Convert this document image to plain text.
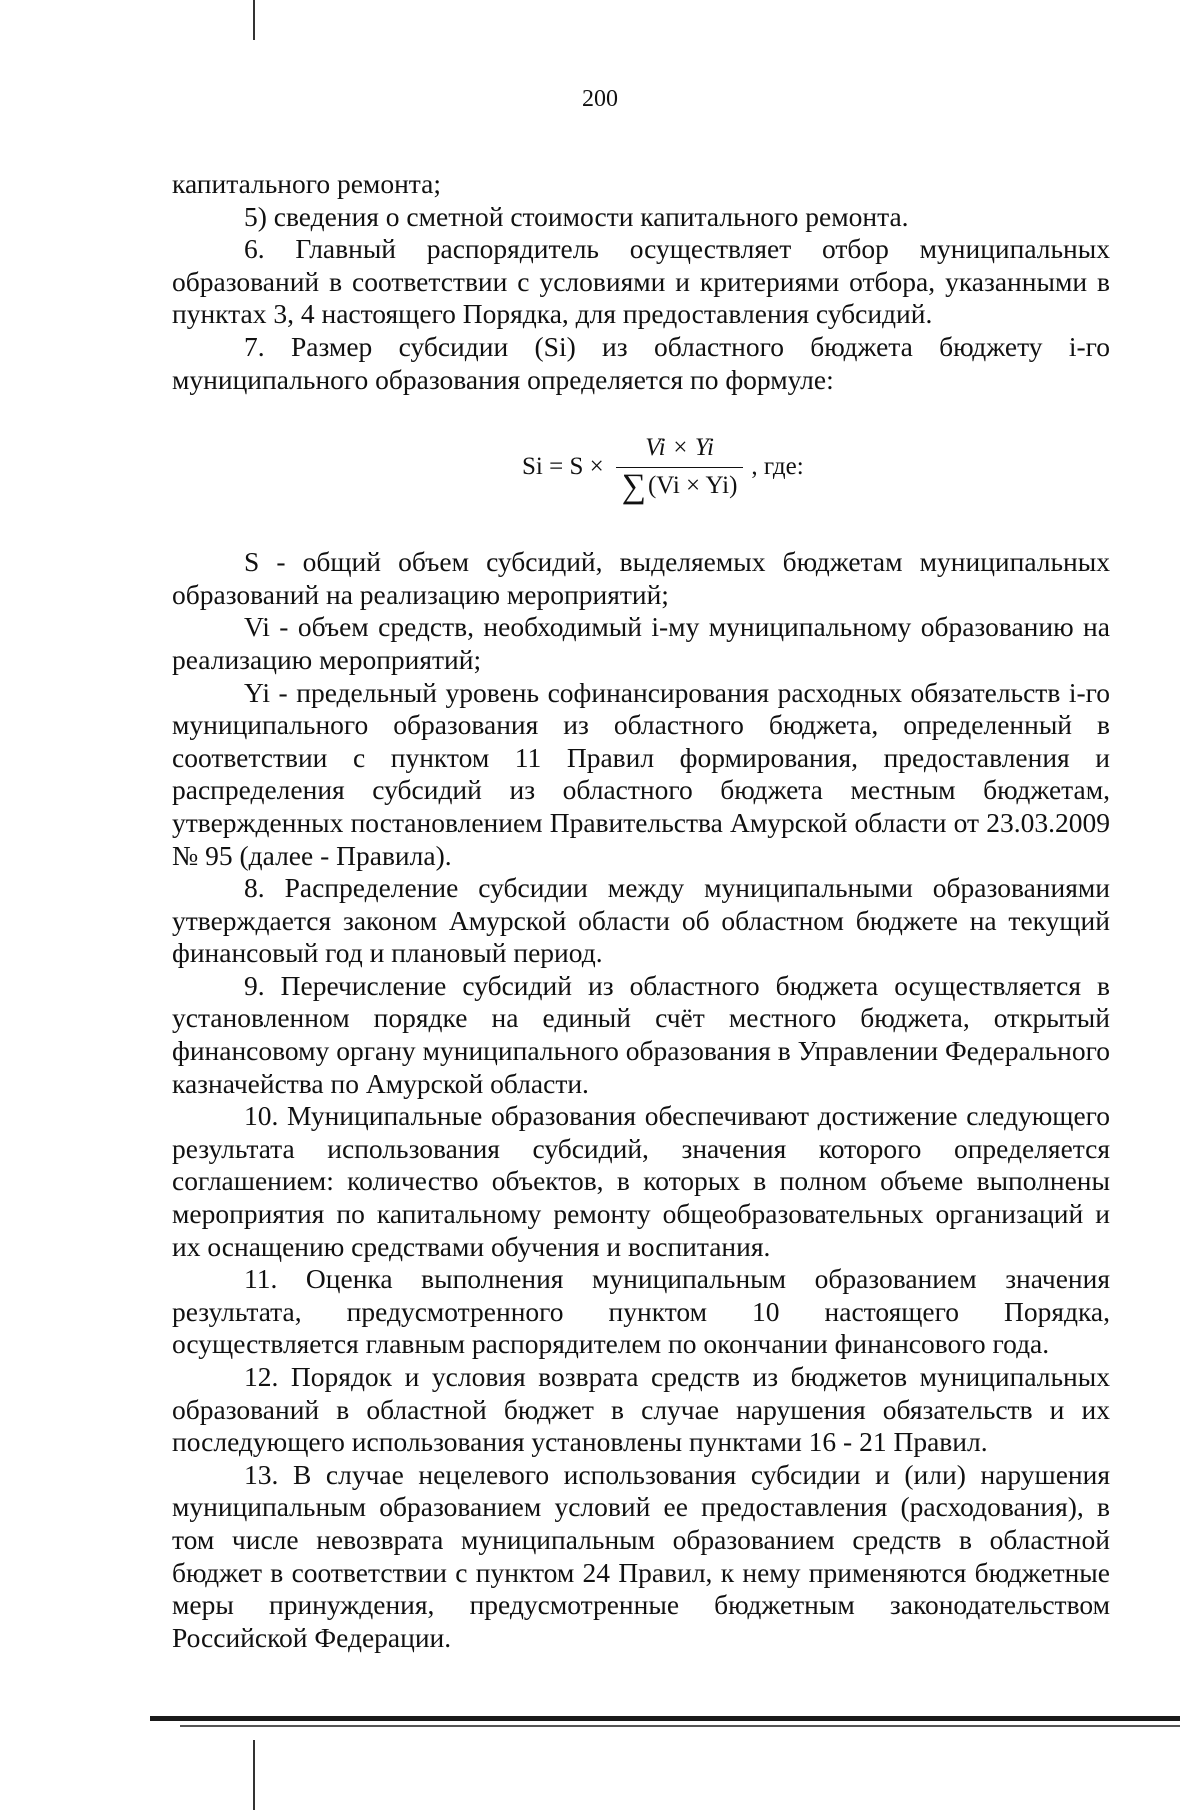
200

капитального ремонта;

5) сведения о сметной стоимости капитального ремонта.

6. Главный распорядитель осуществляет отбор муниципальных образований в соответствии с условиями и критериями отбора, указанными в пунктах 3, 4 настоящего Порядка, для предоставления субсидий.

7. Размер субсидии (Si) из областного бюджета бюджету i-го муниципального образования определяется по формуле:

$Si = S \times \frac{Vi \times Yi}{\sum(Vi \times Yi)}$ , где:

S - общий объем субсидий, выделяемых бюджетам муниципальных образований на реализацию мероприятий;

Vi - объем средств, необходимый i-му муниципальному образованию на реализацию мероприятий;

Yi - предельный уровень софинансирования расходных обязательств i-го муниципального образования из областного бюджета, определенный в соответствии с пунктом 11 Правил формирования, предоставления и распределения субсидий из областного бюджета местным бюджетам, утвержденных постановлением Правительства Амурской области от 23.03.2009 № 95 (далее - Правила).

8. Распределение субсидии между муниципальными образованиями утверждается законом Амурской области об областном бюджете на текущий финансовый год и плановый период.

9. Перечисление субсидий из областного бюджета осуществляется в установленном порядке на единый счёт местного бюджета, открытый финансовому органу муниципального образования в Управлении Федерального казначейства по Амурской области.

10. Муниципальные образования обеспечивают достижение следующего результата использования субсидий, значения которого определяется соглашением: количество объектов, в которых в полном объеме выполнены мероприятия по капитальному ремонту общеобразовательных организаций и их оснащению средствами обучения и воспитания.

11. Оценка выполнения муниципальным образованием значения результата, предусмотренного пунктом 10 настоящего Порядка, осуществляется главным распорядителем по окончании финансового года.

12. Порядок и условия возврата средств из бюджетов муниципальных образований в областной бюджет в случае нарушения обязательств и их последующего использования установлены пунктами 16 - 21 Правил.

13. В случае нецелевого использования субсидии и (или) нарушения муниципальным образованием условий ее предоставления (расходования), в том числе невозврата муниципальным образованием средств в областной бюджет в соответствии с пунктом 24 Правил, к нему применяются бюджетные меры принуждения, предусмотренные бюджетным законодательством Российской Федерации.
